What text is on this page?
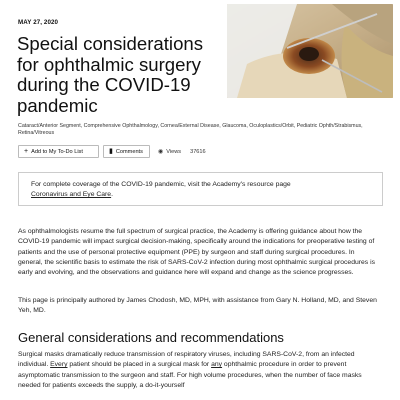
MAY 27, 2020
Special considerations for ophthalmic surgery during the COVID-19 pandemic
Cataract/Anterior Segment, Comprehensive Ophthalmology, Cornea/External Disease, Glaucoma, Oculoplastics/Orbit, Pediatric Ophth/Strabismus, Retina/Vitreous
+ Add to My To-Do List	▮ Comments	◉ Views 37616
For complete coverage of the COVID-19 pandemic, visit the Academy's resource page
Coronavirus and Eye Care.

As ophthalmologists resume the full spectrum of surgical practice, the Academy is offering guidance about how the COVID-19 pandemic will impact surgical decision-making, specifically around the indications for preoperative testing of patients and the use of personal protective equipment (PPE) by surgeon and staff during surgical procedures. In general, the scientific basis to estimate the risk of SARS-CoV-2 infection during most ophthalmic surgical procedures is early and evolving, and the observations and guidance here will expand and change as the science progresses.

This page is principally authored by James Chodosh, MD, MPH, with assistance from Gary N. Holland, MD, and Steven Yeh, MD.

General considerations and recommendations

Surgical masks dramatically reduce transmission of respiratory viruses, including SARS-CoV-2, from an infected individual. Every patient should be placed in a surgical mask for any ophthalmic procedure in order to prevent asymptomatic transmission to the surgeon and staff. For high volume procedures, when the number of face masks needed for patients exceeds the supply, a do-it-yourself
